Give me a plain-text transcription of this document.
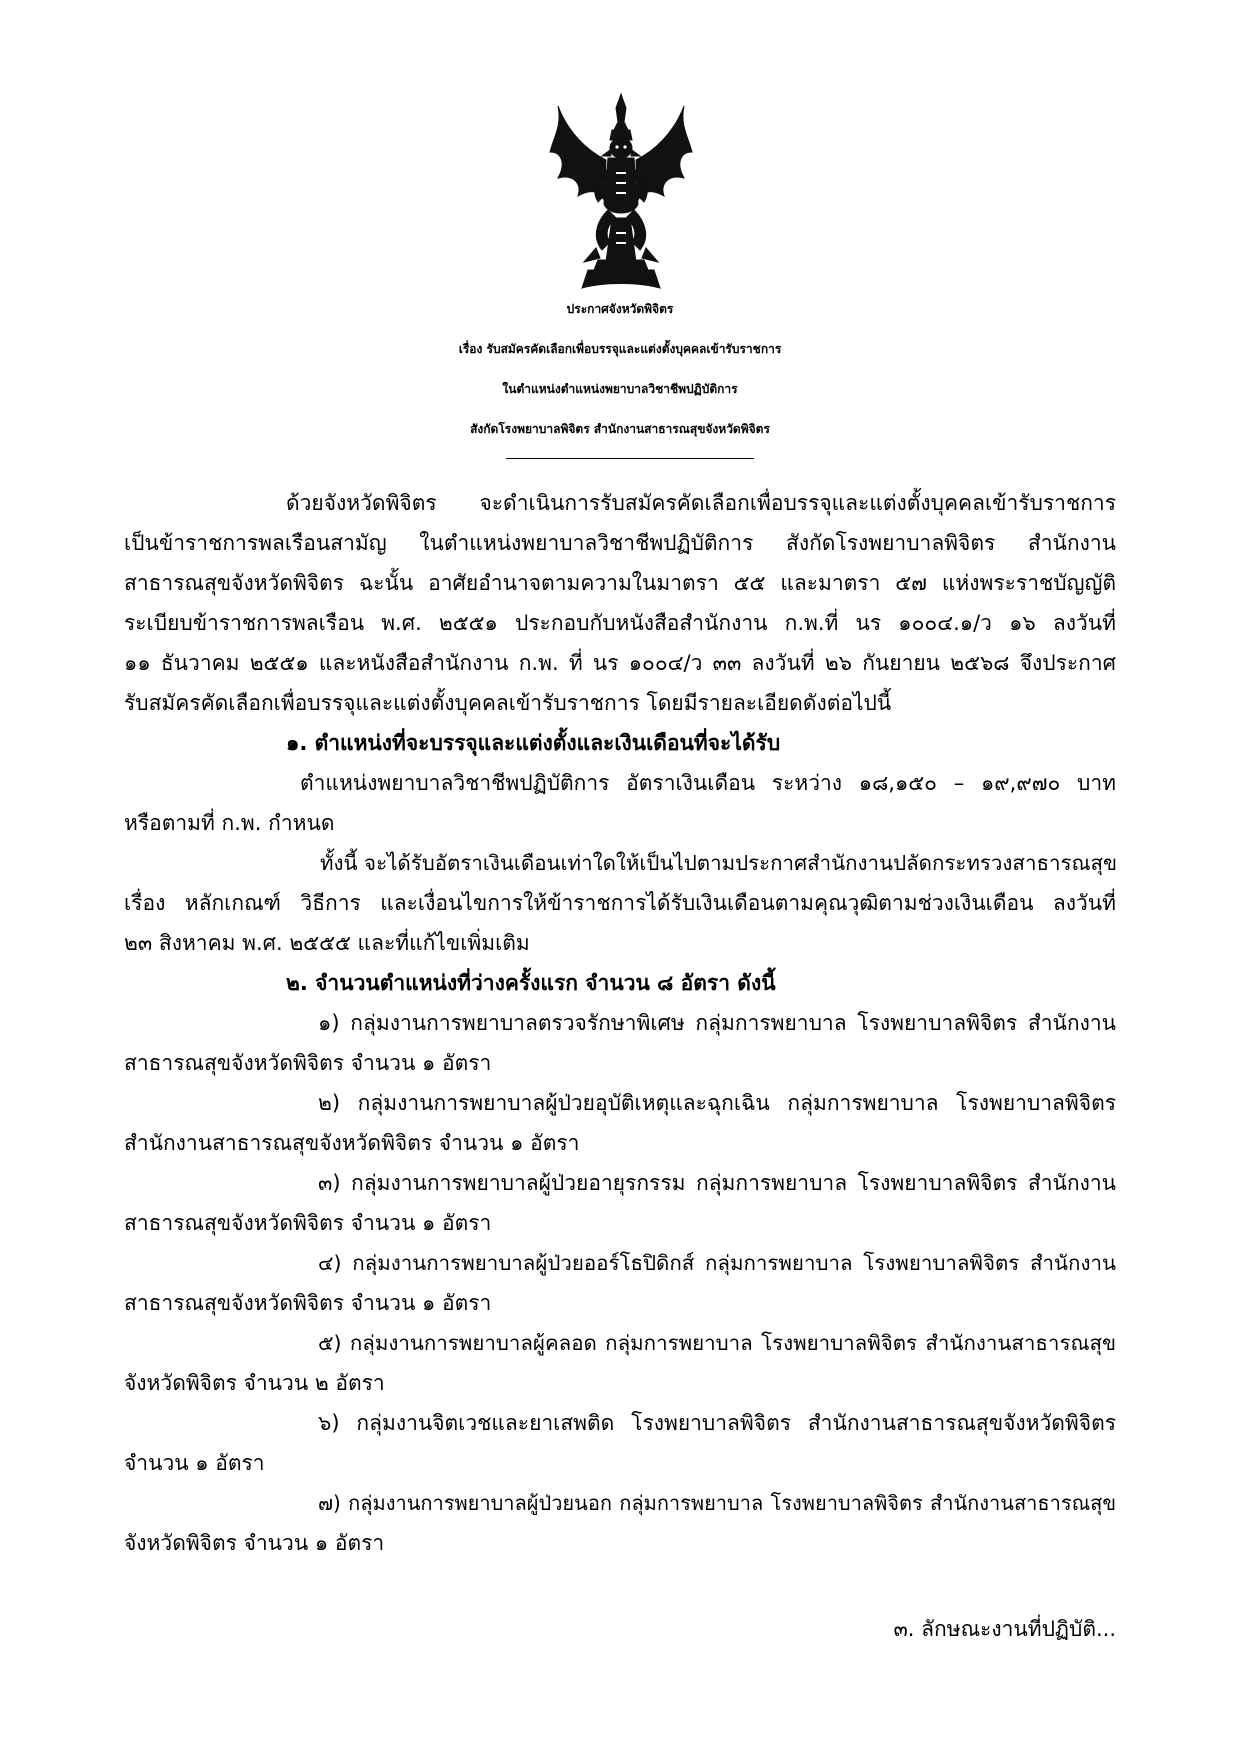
ประกาศจังหวัดพิจิตร
เรื่อง รับสมัครคัดเลือกเพื่อบรรจุและแต่งตั้งบุคคลเข้ารับราชการ
ในตำแหน่งตำแหน่งพยาบาลวิชาชีพปฏิบัติการ
สังกัดโรงพยาบาลพิจิตร สำนักงานสาธารณสุขจังหวัดพิจิตร
ด้วยจังหวัดพิจิตร จะดำเนินการรับสมัครคัดเลือกเพื่อบรรจุและแต่งตั้งบุคคลเข้ารับราชการ
เป็นข้าราชการพลเรือนสามัญ ในตำแหน่งพยาบาลวิชาชีพปฏิบัติการ สังกัดโรงพยาบาลพิจิตร สำนักงาน
สาธารณสุขจังหวัดพิจิตร ฉะนั้น อาศัยอำนาจตามความในมาตรา ๕๕ และมาตรา ๕๗ แห่งพระราชบัญญัติ
ระเบียบข้าราชการพลเรือน พ.ศ. ๒๕๕๑ ประกอบกับหนังสือสำนักงาน ก.พ.ที่ นร ๑๐๐๔.๑/ว ๑๖ ลงวันที่
๑๑ ธันวาคม ๒๕๕๑ และหนังสือสำนักงาน ก.พ. ที่ นร ๑๐๐๔/ว ๓๓ ลงวันที่ ๒๖ กันยายน ๒๕๖๘ จึงประกาศ
รับสมัครคัดเลือกเพื่อบรรจุและแต่งตั้งบุคคลเข้ารับราชการ โดยมีรายละเอียดดังต่อไปนี้
๑. ตำแหน่งที่จะบรรจุและแต่งตั้งและเงินเดือนที่จะได้รับ
ตำแหน่งพยาบาลวิชาชีพปฏิบัติการ อัตราเงินเดือน ระหว่าง ๑๘,๑๕๐ – ๑๙,๙๗๐ บาท
หรือตามที่ ก.พ. กำหนด
ทั้งนี้ จะได้รับอัตราเงินเดือนเท่าใดให้เป็นไปตามประกาศสำนักงานปลัดกระทรวงสาธารณสุข
เรื่อง หลักเกณฑ์ วิธีการ และเงื่อนไขการให้ข้าราชการได้รับเงินเดือนตามคุณวุฒิตามช่วงเงินเดือน ลงวันที่
๒๓ สิงหาคม พ.ศ. ๒๕๕๕ และที่แก้ไขเพิ่มเติม
๒. จำนวนตำแหน่งที่ว่างครั้งแรก จำนวน ๘ อัตรา ดังนี้
๑) กลุ่มงานการพยาบาลตรวจรักษาพิเศษ กลุ่มการพยาบาล โรงพยาบาลพิจิตร สำนักงาน
สาธารณสุขจังหวัดพิจิตร จำนวน ๑ อัตรา
๒) กลุ่มงานการพยาบาลผู้ป่วยอุบัติเหตุและฉุกเฉิน กลุ่มการพยาบาล โรงพยาบาลพิจิตร
สำนักงานสาธารณสุขจังหวัดพิจิตร จำนวน ๑ อัตรา
๓) กลุ่มงานการพยาบาลผู้ป่วยอายุรกรรม กลุ่มการพยาบาล โรงพยาบาลพิจิตร สำนักงาน
สาธารณสุขจังหวัดพิจิตร จำนวน ๑ อัตรา
๔) กลุ่มงานการพยาบาลผู้ป่วยออร์โธปิดิกส์ กลุ่มการพยาบาล โรงพยาบาลพิจิตร สำนักงาน
สาธารณสุขจังหวัดพิจิตร จำนวน ๑ อัตรา
๕) กลุ่มงานการพยาบาลผู้คลอด กลุ่มการพยาบาล โรงพยาบาลพิจิตร สำนักงานสาธารณสุข
จังหวัดพิจิตร จำนวน ๒ อัตรา
๖) กลุ่มงานจิตเวชและยาเสพติด โรงพยาบาลพิจิตร สำนักงานสาธารณสุขจังหวัดพิจิตร
จำนวน ๑ อัตรา
๗) กลุ่มงานการพยาบาลผู้ป่วยนอก กลุ่มการพยาบาล โรงพยาบาลพิจิตร สำนักงานสาธารณสุข
จังหวัดพิจิตร จำนวน ๑ อัตรา
๓. ลักษณะงานที่ปฏิบัติ...
